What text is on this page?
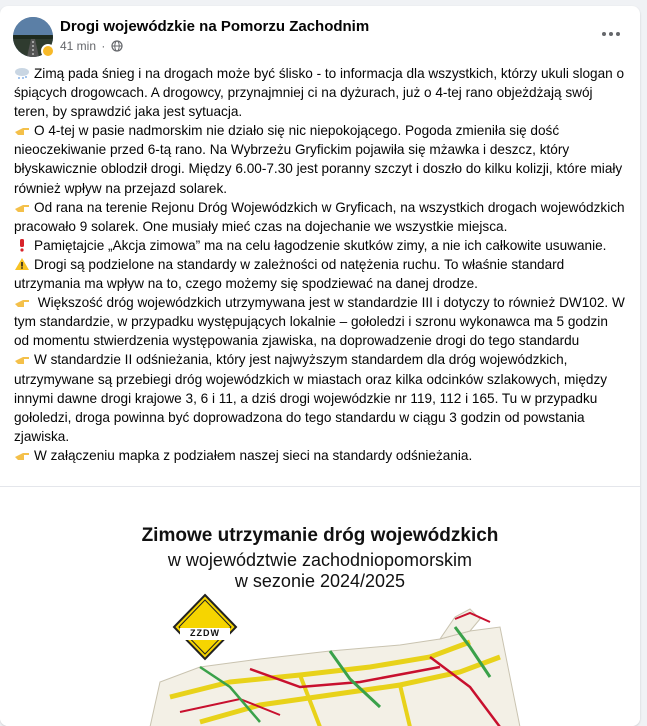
Drogi wojewódzkie na Pomorzu Zachodnim
41 min ·

Zimą pada śnieg i na drogach może być ślisko - to informacja dla wszystkich, którzy ukuli slogan o śpiących drogowcach. A drogowcy, przynajmniej ci na dyżurach, już o 4-tej rano objeżdżają swój teren, by sprawdzić jaka jest sytuacja.

O 4-tej w pasie nadmorskim nie działo się nic niepokojącego. Pogoda zmieniła się dość nieoczekiwanie przed 6-tą rano. Na Wybrzeżu Gryfickim pojawiła się mżawka i deszcz, który błyskawicznie oblodził drogi. Między 6.00-7.30 jest poranny szczyt i doszło do kilku kolizji, które miały również wpływ na przejazd solarek.

Od rana na terenie Rejonu Dróg Wojewódzkich w Gryficach, na wszystkich drogach wojewódzkich pracowało 9 solarek. One musiały mieć czas na dojechanie we wszystkie miejsca.

Pamiętajcie „Akcja zimowa” ma na celu łagodzenie skutków zimy, a nie ich całkowite usuwanie.

Drogi są podzielone na standardy w zależności od natężenia ruchu. To właśnie standard utrzymania ma wpływ na to, czego możemy się spodziewać na danej drodze.

Większość dróg wojewódzkich utrzymywana jest w standardzie III i dotyczy to również DW102. W tym standardzie, w przypadku występujących lokalnie – gołoledzi i szronu wykonawca ma 5 godzin od momentu stwierdzenia występowania zjawiska, na doprowadzenie drogi do tego standardu

W standardzie II odśnieżania, który jest najwyższym standardem dla dróg wojewódzkich, utrzymywane są przebiegi dróg wojewódzkich w miastach oraz kilka odcinków szlakowych, między innymi dawne drogi krajowe 3, 6 i 11, a dziś drogi wojewódzkie nr 119, 112 i 165. Tu w przypadku gołoledzi, droga powinna być doprowadzona do tego standardu w ciągu 3 godzin od powstania zjawiska.

W załączeniu mapka z podziałem naszej sieci na standardy odśnieżania.

Zimowe utrzymanie dróg wojewódzkich
w województwie zachodniopomorskim
w sezonie 2024/2025
ZZDW
